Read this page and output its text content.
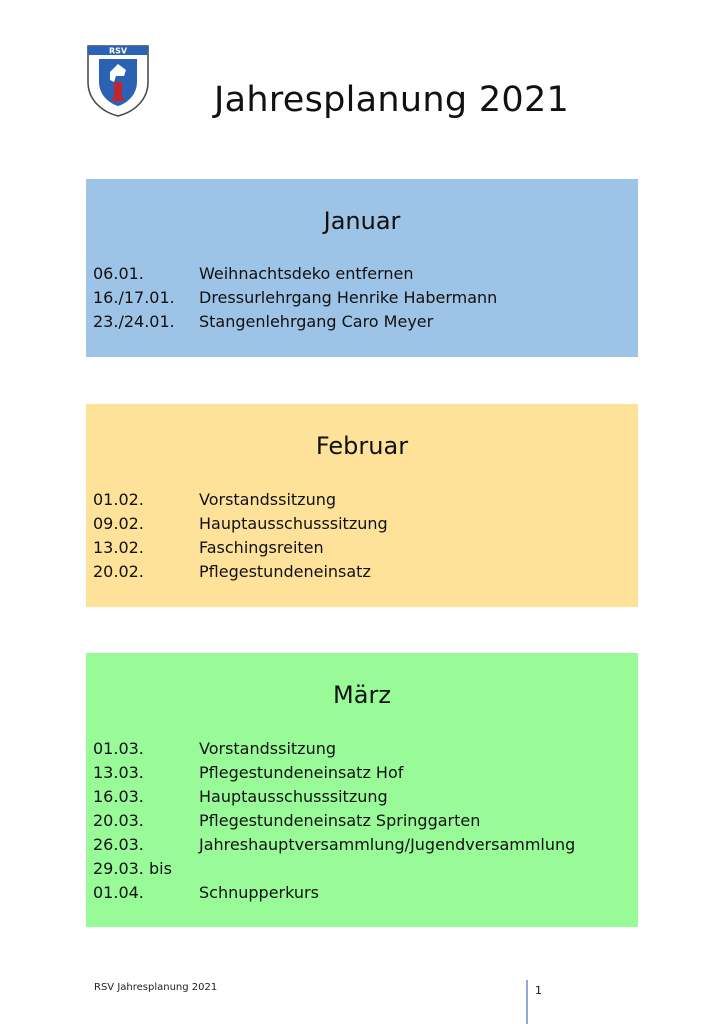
RSV
Jahresplanung 2021
Januar
06.01.	Weihnachtsdeko entfernen
16./17.01.	Dressurlehrgang Henrike Habermann
23./24.01.	Stangenlehrgang Caro Meyer
Februar
01.02.	Vorstandssitzung
09.02.	Hauptausschusssitzung
13.02.	Faschingsreiten
20.02.	Pflegestundeneinsatz
März
01.03.	Vorstandssitzung
13.03.	Pflegestundeneinsatz Hof
16.03.	Hauptausschusssitzung
20.03.	Pflegestundeneinsatz Springgarten
26.03.	Jahreshauptversammlung/Jugendversammlung
29.03. bis
01.04.	Schnupperkurs
RSV Jahresplanung 2021	1
